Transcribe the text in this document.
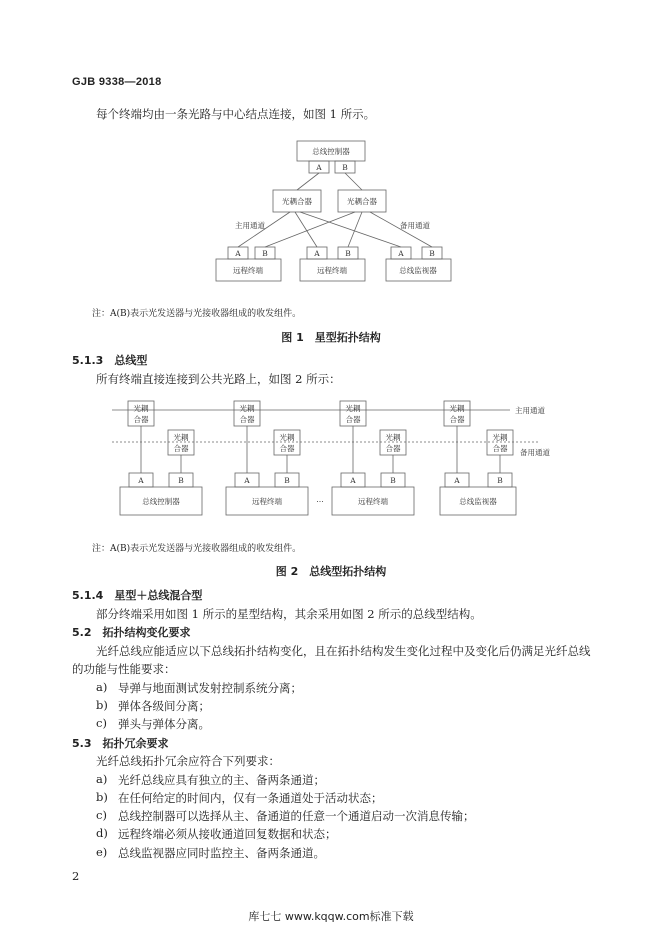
GJB 9338—2018
每个终端均由一条光路与中心结点连接，如图 1 所示。
总线控制器
A	B
光耦合器	光耦合器
主用通道	备用通道
A	B
远程终端
A	B
远程终端
A	B
总线监视器
注：A(B)表示光发送器与光接收器组成的收发组件。
图 1　星型拓扑结构
5.1.3　总线型
所有终端直接连接到公共光路上，如图 2 所示：
光耦
合器
光耦
合器
光耦
合器
光耦
合器
光耦
合器
光耦
合器
光耦
合器
光耦
合器
A	B	A	B	A	B	A	B
总线控制器	远程终端	…	远程终端	总线监视器
主用通道
备用通道
注：A(B)表示光发送器与光接收器组成的收发组件。
图 2　总线型拓扑结构
5.1.4　星型＋总线混合型
部分终端采用如图 1 所示的星型结构，其余采用如图 2 所示的总线型结构。
5.2　拓扑结构变化要求
光纤总线应能适应以下总线拓扑结构变化，且在拓扑结构发生变化过程中及变化后仍满足光纤总线
的功能与性能要求：
a) 导弹与地面测试发射控制系统分离；
b) 弹体各级间分离；
c) 弹头与弹体分离。
5.3　拓扑冗余要求
光纤总线拓扑冗余应符合下列要求：
a) 光纤总线应具有独立的主、备两条通道；
b) 在任何给定的时间内，仅有一条通道处于活动状态；
c) 总线控制器可以选择从主、备通道的任意一个通道启动一次消息传输；
d) 远程终端必须从接收通道回复数据和状态；
e) 总线监视器应同时监控主、备两条通道。
2
库七七 www.kqqw.com标准下载
